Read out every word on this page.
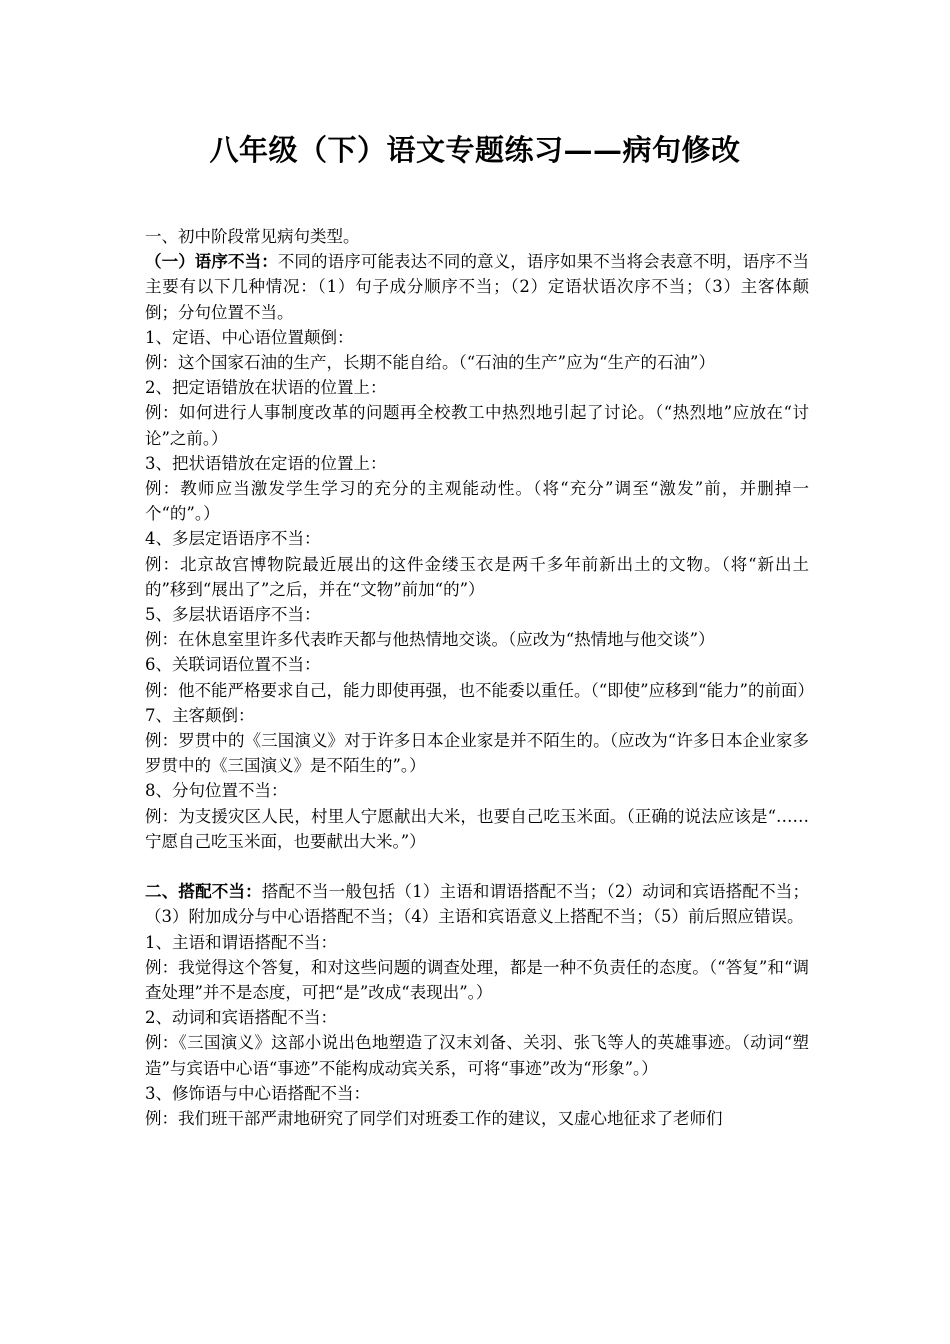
八年级（下）语文专题练习——病句修改

一、初中阶段常见病句类型。

（一）语序不当：不同的语序可能表达不同的意义，语序如果不当将会表意不明，语序不当主要有以下几种情况：（1）句子成分顺序不当；（2）定语状语次序不当；（3）主客体颠倒；分句位置不当。

1、定语、中心语位置颠倒：

例：这个国家石油的生产，长期不能自给。（“石油的生产”应为“生产的石油”）

2、把定语错放在状语的位置上：

例：如何进行人事制度改革的问题再全校教工中热烈地引起了讨论。（“热烈地”应放在“讨论”之前。）

3、把状语错放在定语的位置上：

例：教师应当激发学生学习的充分的主观能动性。（将“充分”调至“激发”前，并删掉一个“的”。）

4、多层定语语序不当：

例：北京故宫博物院最近展出的这件金缕玉衣是两千多年前新出土的文物。（将“新出土的”移到“展出了”之后，并在“文物”前加“的”）

5、多层状语语序不当：

例：在休息室里许多代表昨天都与他热情地交谈。（应改为“热情地与他交谈”）

6、关联词语位置不当：

例：他不能严格要求自己，能力即使再强，也不能委以重任。（“即使”应移到“能力”的前面）

7、主客颠倒：

例：罗贯中的《三国演义》对于许多日本企业家是并不陌生的。（应改为“许多日本企业家多罗贯中的《三国演义》是不陌生的”。）

8、分句位置不当：

例：为支援灾区人民，村里人宁愿献出大米，也要自己吃玉米面。（正确的说法应该是“……宁愿自己吃玉米面，也要献出大米。”）

二、搭配不当：搭配不当一般包括（1）主语和谓语搭配不当；（2）动词和宾语搭配不当；（3）附加成分与中心语搭配不当；（4）主语和宾语意义上搭配不当；（5）前后照应错误。

1、主语和谓语搭配不当：

例：我觉得这个答复，和对这些问题的调查处理，都是一种不负责任的态度。（“答复”和“调查处理”并不是态度，可把“是”改成“表现出”。）

2、动词和宾语搭配不当：

例：《三国演义》这部小说出色地塑造了汉末刘备、关羽、张飞等人的英雄事迹。（动词“塑造”与宾语中心语“事迹”不能构成动宾关系，可将“事迹”改为“形象”。）

3、修饰语与中心语搭配不当：

例：我们班干部严肃地研究了同学们对班委工作的建议，又虚心地征求了老师们
